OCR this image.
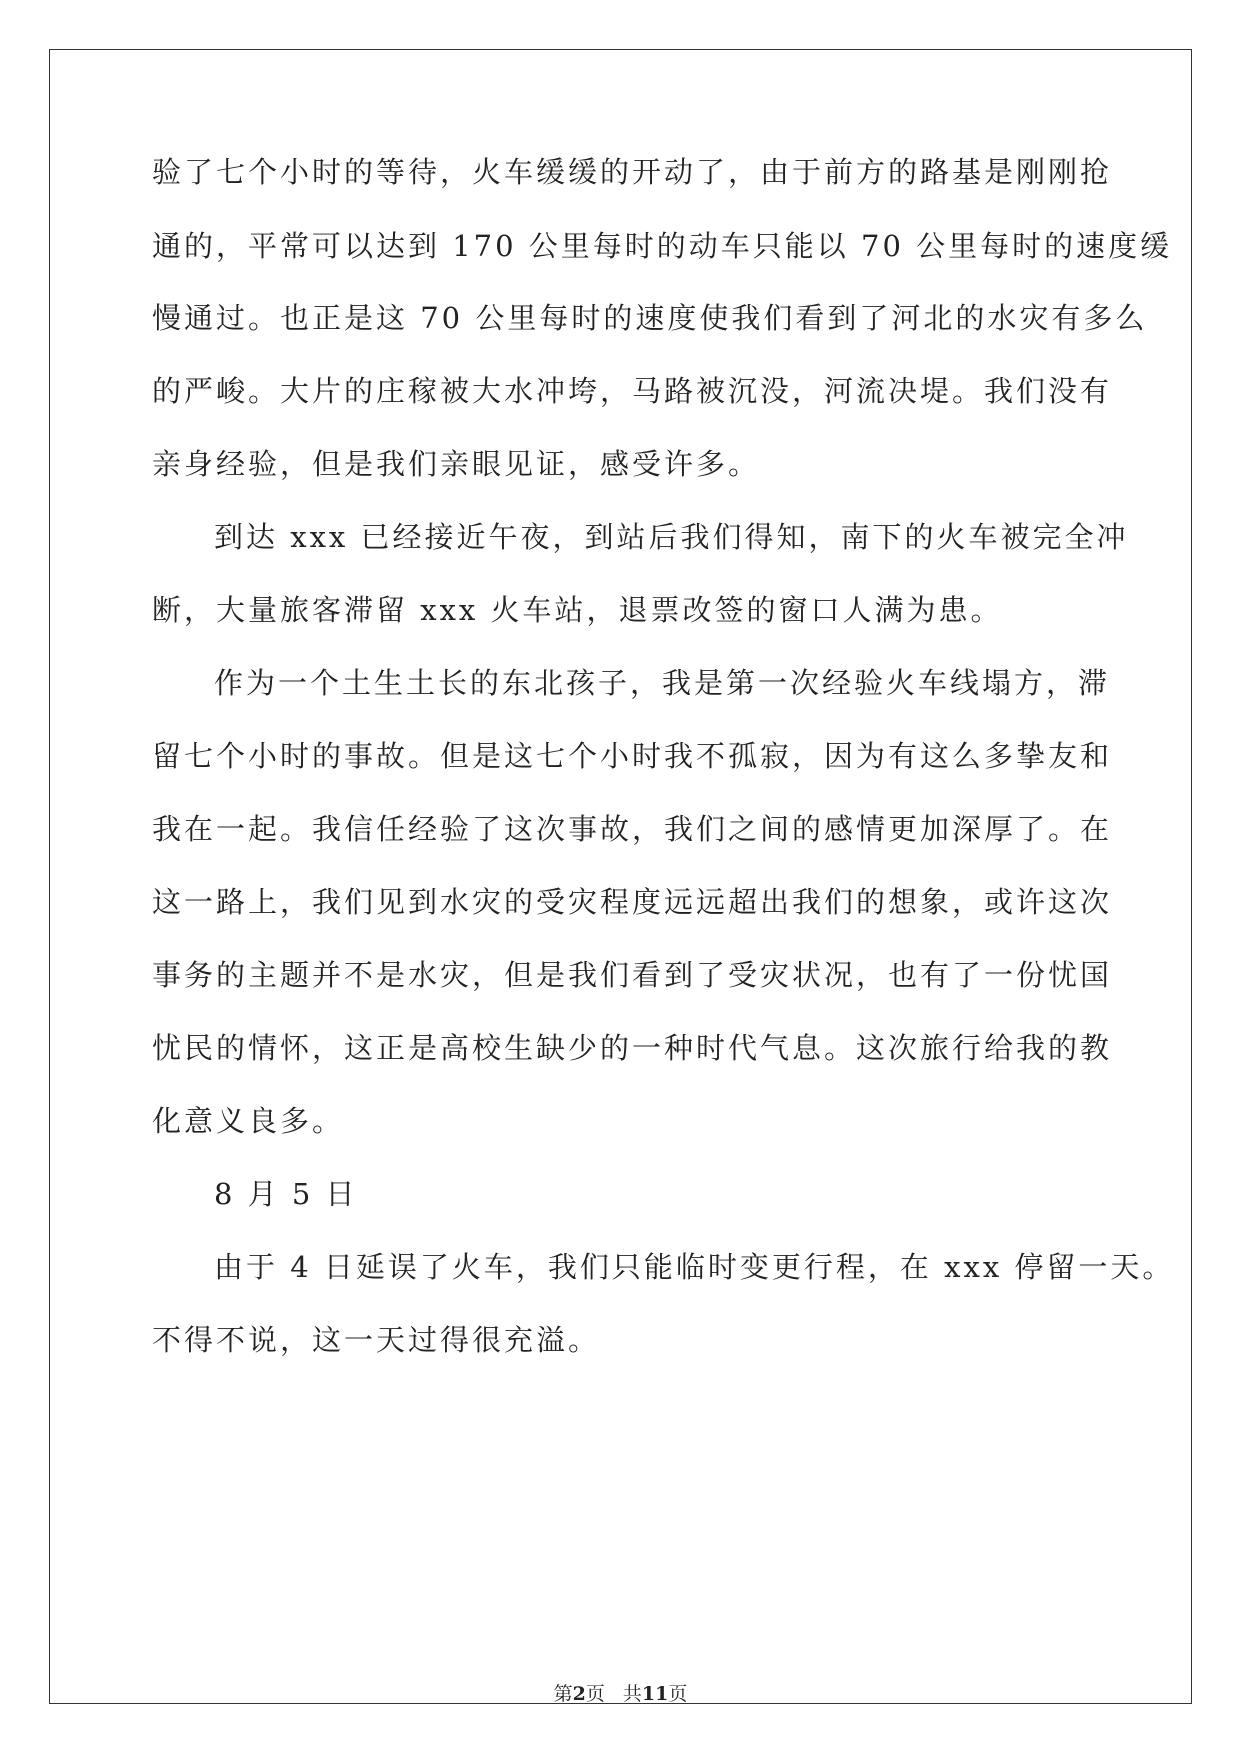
验了七个小时的等待，火车缓缓的开动了，由于前方的路基是刚刚抢
通的，平常可以达到 170 公里每时的动车只能以 70 公里每时的速度缓
慢通过。也正是这 70 公里每时的速度使我们看到了河北的水灾有多么
的严峻。大片的庄稼被大水冲垮，马路被沉没，河流决堤。我们没有
亲身经验，但是我们亲眼见证，感受许多。
到达 xxx 已经接近午夜，到站后我们得知，南下的火车被完全冲
断，大量旅客滞留 xxx 火车站，退票改签的窗口人满为患。
作为一个土生土长的东北孩子，我是第一次经验火车线塌方，滞
留七个小时的事故。但是这七个小时我不孤寂，因为有这么多挚友和
我在一起。我信任经验了这次事故，我们之间的感情更加深厚了。在
这一路上，我们见到水灾的受灾程度远远超出我们的想象，或许这次
事务的主题并不是水灾，但是我们看到了受灾状况，也有了一份忧国
忧民的情怀，这正是高校生缺少的一种时代气息。这次旅行给我的教
化意义良多。
8 月 5 日
由于 4 日延误了火车，我们只能临时变更行程，在 xxx 停留一天。
不得不说，这一天过得很充溢。
第2页 共11页
